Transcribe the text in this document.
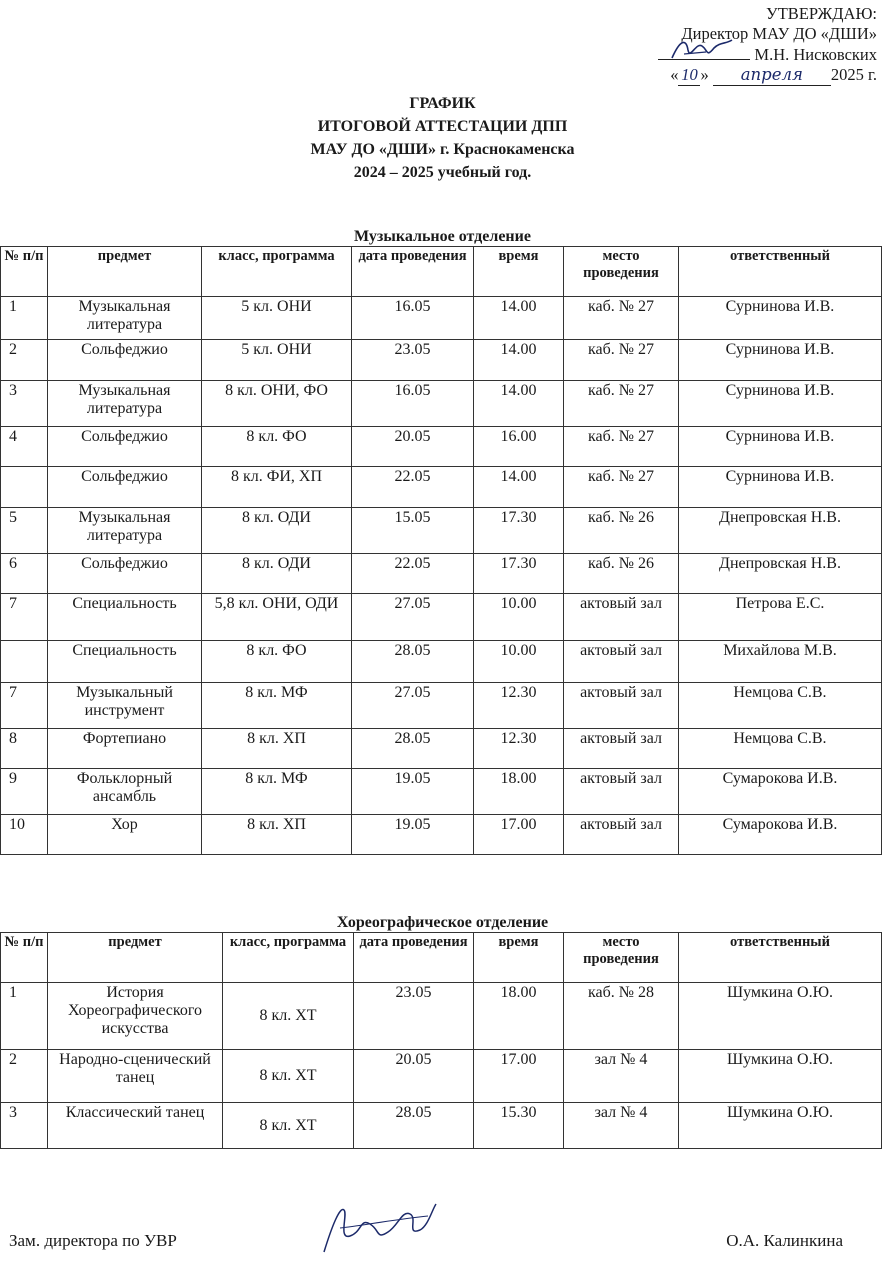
УТВЕРЖДАЮ:
Директор МАУ ДО «ДШИ»
М.Н. Нисковских
« 10 » апреля 2025 г.
ГРАФИК
ИТОГОВОЙ АТТЕСТАЦИИ ДПП
МАУ ДО «ДШИ» г. Краснокаменска
2024 – 2025 учебный год.
Музыкальное отделение
№ п/п	предмет	класс, программа	дата проведения	время	место проведения	ответственный
1	Музыкальная литература	5 кл. ОНИ	16.05	14.00	каб. № 27	Сурнинова И.В.
2	Сольфеджио	5 кл. ОНИ	23.05	14.00	каб. № 27	Сурнинова И.В.
3	Музыкальная литература	8 кл. ОНИ, ФО	16.05	14.00	каб. № 27	Сурнинова И.В.
4	Сольфеджио	8 кл. ФО	20.05	16.00	каб. № 27	Сурнинова И.В.
	Сольфеджио	8 кл. ФИ, ХП	22.05	14.00	каб. № 27	Сурнинова И.В.
5	Музыкальная литература	8 кл. ОДИ	15.05	17.30	каб. № 26	Днепровская Н.В.
6	Сольфеджио	8 кл. ОДИ	22.05	17.30	каб. № 26	Днепровская Н.В.
7	Специальность	5,8 кл. ОНИ, ОДИ	27.05	10.00	актовый зал	Петрова Е.С.
	Специальность	8 кл. ФО	28.05	10.00	актовый зал	Михайлова М.В.
7	Музыкальный инструмент	8 кл. МФ	27.05	12.30	актовый зал	Немцова С.В.
8	Фортепиано	8 кл. ХП	28.05	12.30	актовый зал	Немцова С.В.
9	Фольклорный ансамбль	8 кл. МФ	19.05	18.00	актовый зал	Сумарокова И.В.
10	Хор	8 кл. ХП	19.05	17.00	актовый зал	Сумарокова И.В.
Хореографическое отделение
№ п/п	предмет	класс, программа	дата проведения	время	место проведения	ответственный
1	История Хореографического искусства	8 кл. ХТ	23.05	18.00	каб. № 28	Шумкина О.Ю.
2	Народно-сценический танец	8 кл. ХТ	20.05	17.00	зал № 4	Шумкина О.Ю.
3	Классический танец	8 кл. ХТ	28.05	15.30	зал № 4	Шумкина О.Ю.
Зам. директора по УВР	О.А. Калинкина
